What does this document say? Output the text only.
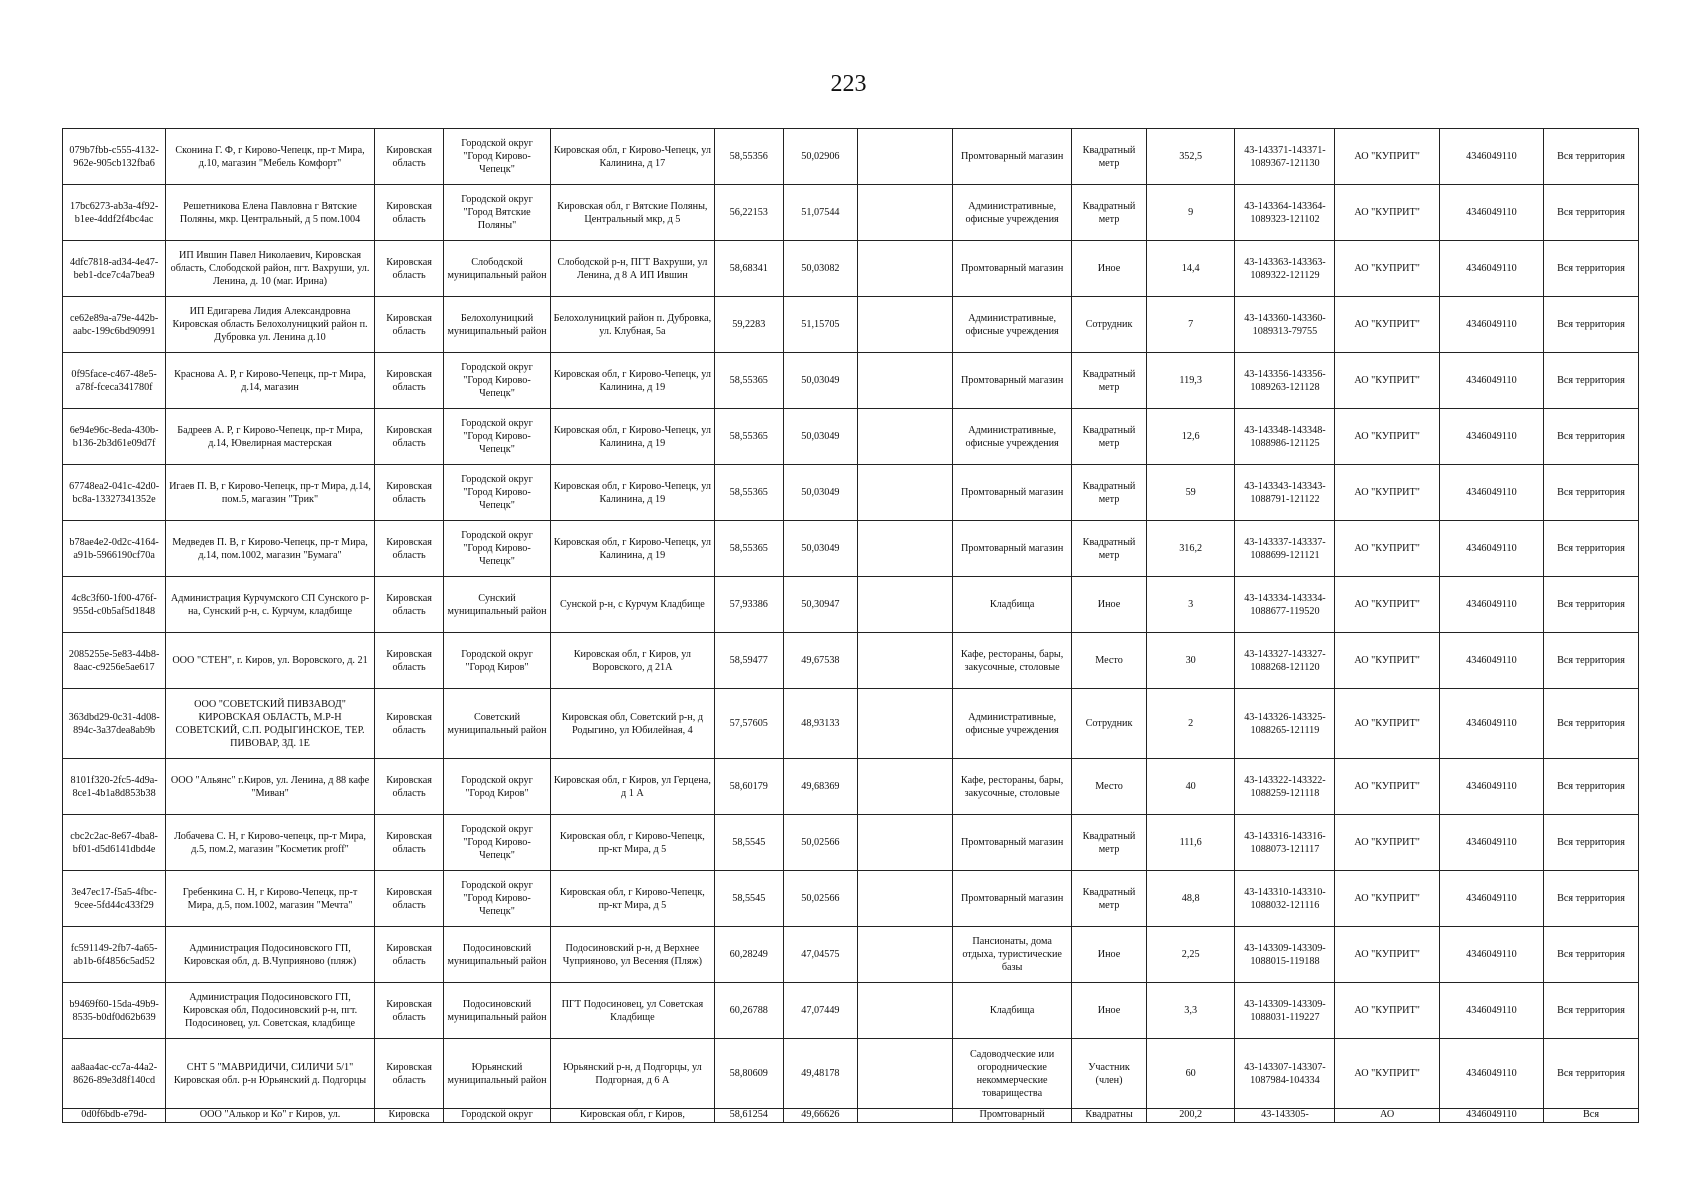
223
079b7fbb-c555-4132-962e-905cb132fba6	Сконина Г. Ф, г Кирово-Чепецк, пр-т Мира, д.10, магазин "Мебель Комфорт"	Кировская область	Городской округ "Город Кирово-Чепецк"	Кировская обл, г Кирово-Чепецк, ул Калинина, д 17	58,55356	50,02906		Промтоварный магазин	Квадратный метр	352,5	43-143371-143371-1089367-121130	АО "КУПРИТ"	4346049110	Вся территория
17bc6273-ab3a-4f92-b1ee-4ddf2f4bc4ac	Решетникова Елена Павловна г Вятские Поляны, мкр. Центральный, д 5 пом.1004	Кировская область	Городской округ "Город Вятские Поляны"	Кировская обл, г Вятские Поляны, Центральный мкр, д 5	56,22153	51,07544		Административные, офисные учреждения	Квадратный метр	9	43-143364-143364-1089323-121102	АО "КУПРИТ"	4346049110	Вся территория
4dfc7818-ad34-4e47-beb1-dce7c4a7bea9	ИП Ившин Павел Николаевич, Кировская область, Слободской район, пгт. Вахруши, ул. Ленина, д. 10 (маг. Ирина)	Кировская область	Слободской муниципальный район	Слободской р-н, ПГТ Вахруши, ул Ленина, д 8 А ИП Ившин	58,68341	50,03082		Промтоварный магазин	Иное	14,4	43-143363-143363-1089322-121129	АО "КУПРИТ"	4346049110	Вся территория
ce62e89a-a79e-442b-aabc-199c6bd90991	ИП Едигарева Лидия Александровна Кировская область Белохолуницкий район п. Дубровка ул. Ленина д.10	Кировская область	Белохолуницкий муниципальный район	Белохолуницкий район п. Дубровка, ул. Клубная, 5а	59,2283	51,15705		Административные, офисные учреждения	Сотрудник	7	43-143360-143360-1089313-79755	АО "КУПРИТ"	4346049110	Вся территория
0f95face-c467-48e5-a78f-fceca341780f	Краснова А. Р, г Кирово-Чепецк, пр-т Мира, д.14, магазин	Кировская область	Городской округ "Город Кирово-Чепецк"	Кировская обл, г Кирово-Чепецк, ул Калинина, д 19	58,55365	50,03049		Промтоварный магазин	Квадратный метр	119,3	43-143356-143356-1089263-121128	АО "КУПРИТ"	4346049110	Вся территория
6e94e96c-8eda-430b-b136-2b3d61e09d7f	Бадреев А. Р, г Кирово-Чепецк, пр-т Мира, д.14, Ювелирная мастерская	Кировская область	Городской округ "Город Кирово-Чепецк"	Кировская обл, г Кирово-Чепецк, ул Калинина, д 19	58,55365	50,03049		Административные, офисные учреждения	Квадратный метр	12,6	43-143348-143348-1088986-121125	АО "КУПРИТ"	4346049110	Вся территория
67748ea2-041c-42d0-bc8a-13327341352e	Игаев П. В, г Кирово-Чепецк, пр-т Мира, д.14, пом.5, магазин "Трик"	Кировская область	Городской округ "Город Кирово-Чепецк"	Кировская обл, г Кирово-Чепецк, ул Калинина, д 19	58,55365	50,03049		Промтоварный магазин	Квадратный метр	59	43-143343-143343-1088791-121122	АО "КУПРИТ"	4346049110	Вся территория
b78ae4e2-0d2c-4164-a91b-5966190cf70a	Медведев П. В, г Кирово-Чепецк, пр-т Мира, д.14, пом.1002, магазин "Бумага"	Кировская область	Городской округ "Город Кирово-Чепецк"	Кировская обл, г Кирово-Чепецк, ул Калинина, д 19	58,55365	50,03049		Промтоварный магазин	Квадратный метр	316,2	43-143337-143337-1088699-121121	АО "КУПРИТ"	4346049110	Вся территория
4c8c3f60-1f00-476f-955d-c0b5af5d1848	Администрация Курчумского СП Сунского р-на, Сунский р-н, с. Курчум, кладбище	Кировская область	Сунский муниципальный район	Сунской р-н, с Курчум Кладбище	57,93386	50,30947		Кладбища	Иное	3	43-143334-143334-1088677-119520	АО "КУПРИТ"	4346049110	Вся территория
2085255e-5e83-44b8-8aac-c9256e5ae617	ООО "СТЕН", г. Киров, ул. Воровского, д. 21	Кировская область	Городской округ "Город Киров"	Кировская обл, г Киров, ул Воровского, д 21А	58,59477	49,67538		Кафе, рестораны, бары, закусочные, столовые	Место	30	43-143327-143327-1088268-121120	АО "КУПРИТ"	4346049110	Вся территория
363dbd29-0c31-4d08-894c-3a37dea8ab9b	ООО "СОВЕТСКИЙ ПИВЗАВОД" КИРОВСКАЯ ОБЛАСТЬ, М.Р-Н СОВЕТСКИЙ, С.П. РОДЫГИНСКОЕ, ТЕР. ПИВОВАР, ЗД. 1Е	Кировская область	Советский муниципальный район	Кировская обл, Советский р-н, д Родыгино, ул Юбилейная, 4	57,57605	48,93133		Административные, офисные учреждения	Сотрудник	2	43-143326-143325-1088265-121119	АО "КУПРИТ"	4346049110	Вся территория
8101f320-2fc5-4d9a-8ce1-4b1a8d853b38	ООО "Альянс" г.Киров, ул. Ленина, д 88 кафе "Миван"	Кировская область	Городской округ "Город Киров"	Кировская обл, г Киров, ул Герцена, д 1 А	58,60179	49,68369		Кафе, рестораны, бары, закусочные, столовые	Место	40	43-143322-143322-1088259-121118	АО "КУПРИТ"	4346049110	Вся территория
cbc2c2ac-8e67-4ba8-bf01-d5d6141dbd4e	Лобачева С. Н, г Кирово-чепецк, пр-т Мира, д.5, пом.2, магазин "Косметик proff"	Кировская область	Городской округ "Город Кирово-Чепецк"	Кировская обл, г Кирово-Чепецк, пр-кт Мира, д 5	58,5545	50,02566		Промтоварный магазин	Квадратный метр	111,6	43-143316-143316-1088073-121117	АО "КУПРИТ"	4346049110	Вся территория
3e47ec17-f5a5-4fbc-9cee-5fd44c433f29	Гребенкина С. Н, г Кирово-Чепецк, пр-т Мира, д.5, пом.1002, магазин "Мечта"	Кировская область	Городской округ "Город Кирово-Чепецк"	Кировская обл, г Кирово-Чепецк, пр-кт Мира, д 5	58,5545	50,02566		Промтоварный магазин	Квадратный метр	48,8	43-143310-143310-1088032-121116	АО "КУПРИТ"	4346049110	Вся территория
fc591149-2fb7-4a65-ab1b-6f4856c5ad52	Администрация Подосиновского ГП, Кировская обл, д. В.Чуприяново (пляж)	Кировская область	Подосиновский муниципальный район	Подосиновский р-н, д Верхнее Чуприяново, ул Весеняя (Пляж)	60,28249	47,04575		Пансионаты, дома отдыха, туристические базы	Иное	2,25	43-143309-143309-1088015-119188	АО "КУПРИТ"	4346049110	Вся территория
b9469f60-15da-49b9-8535-b0df0d62b639	Администрация Подосиновского ГП, Кировская обл, Подосиновский р-н, пгт. Подосиновец, ул. Советская, кладбище	Кировская область	Подосиновский муниципальный район	ПГТ Подосиновец, ул Советская Кладбище	60,26788	47,07449		Кладбища	Иное	3,3	43-143309-143309-1088031-119227	АО "КУПРИТ"	4346049110	Вся территория
aa8aa4ac-cc7a-44a2-8626-89e3d8f140cd	СНТ 5 "МАВРИДИЧИ, СИЛИЧИ 5/1" Кировская обл. р-н Юрьянский д. Подгорцы	Кировская область	Юрьянский муниципальный район	Юрьянский р-н, д Подгорцы, ул Подгорная, д 6 А	58,80609	49,48178		Садоводческие или огороднические некоммерческие товарищества	Участник (член)	60	43-143307-143307-1087984-104334	АО "КУПРИТ"	4346049110	Вся территория
0d0f6bdb-e79d-	ООО "Алькор и Ко" г Киров, ул.	Кировска	Городской округ	Кировская обл, г Киров,	58,61254	49,66626		Промтоварный	Квадратны	200,2	43-143305-	АО	4346049110	Вся
